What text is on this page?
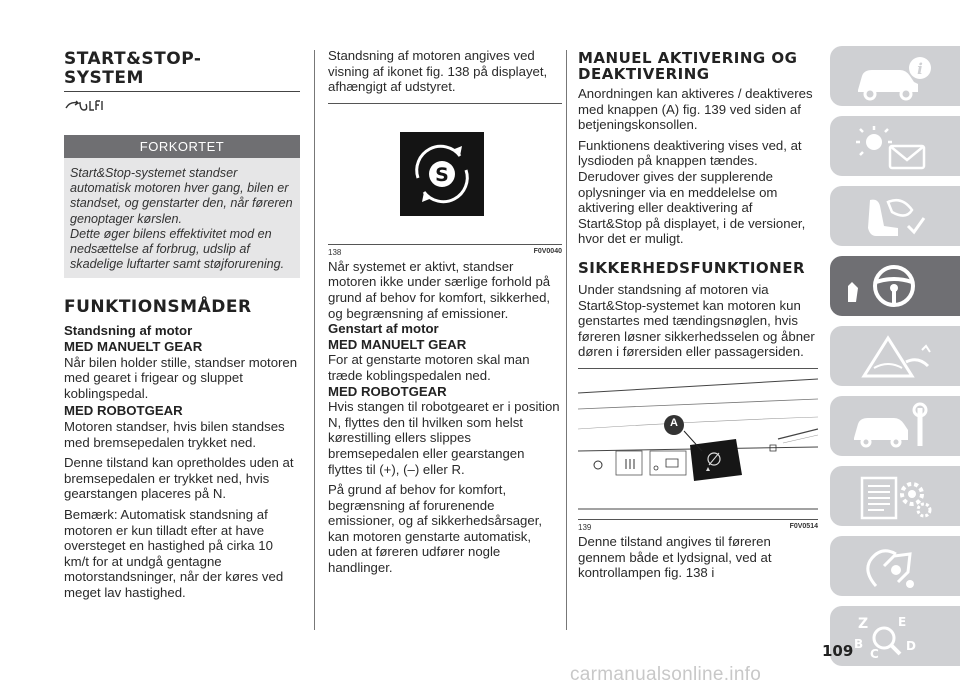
START&STOP-
SYSTEM
FORKORTET
Start&Stop-systemet standser automatisk motoren hver gang, bilen er standset, og genstarter den, når føreren genoptager kørslen.
Dette øger bilens effektivitet mod en nedsættelse af forbrug, udslip af skadelige luftarter samt støjforurening.
FUNKTIONSMÅDER
Standsning af motor
MED MANUELT GEAR
Når bilen holder stille, standser motoren med gearet i frigear og sluppet koblingspedal.
MED ROBOTGEAR
Motoren standser, hvis bilen standses med bremsepedalen trykket ned.
Denne tilstand kan opretholdes uden at bremsepedalen er trykket ned, hvis gearstangen placeres på N.
Bemærk: Automatisk standsning af motoren er kun tilladt efter at have oversteget en hastighed på cirka 10 km/t for at undgå gentagne motorstandsninger, når der køres ved meget lav hastighed.
Standsning af motoren angives ved visning af ikonet fig. 138 på displayet, afhængigt af udstyret.
S
138	F0V0040
Når systemet er aktivt, standser motoren ikke under særlige forhold på grund af behov for komfort, sikkerhed, og begrænsning af emissioner.
Genstart af motor
MED MANUELT GEAR
For at genstarte motoren skal man træde koblingspedalen ned.
MED ROBOTGEAR
Hvis stangen til robotgearet er i position N, flyttes den til hvilken som helst kørestilling ellers slippes bremsepedalen eller gearstangen flyttes til (+), (–) eller R.
På grund af behov for komfort, begrænsning af forurenende emissioner, og af sikkerhedsårsager, kan motoren genstarte automatisk, uden at føreren udfører nogle handlinger.
MANUEL AKTIVERING OG
DEAKTIVERING
Anordningen kan aktiveres / deaktiveres med knappen (A) fig. 139 ved siden af betjeningskonsollen.
Funktionens deaktivering vises ved, at lysdioden på knappen tændes. Derudover gives der supplerende oplysninger via en meddelelse om aktivering eller deaktivering af Start&Stop på displayet, i de versioner, hvor det er muligt.
SIKKERHEDSFUNKTIONER
Under standsning af motoren via Start&Stop-systemet kan motoren kun genstartes med tændingsnøglen, hvis føreren løsner sikkerhedsselen og åbner døren i førersiden eller passagersiden.
A
139	F0V0514
Denne tilstand angives til føreren gennem både et lydsignal, ved at kontrollampen fig. 138 i
i
Z E
B
C
D
109
carmanualsonline.info
